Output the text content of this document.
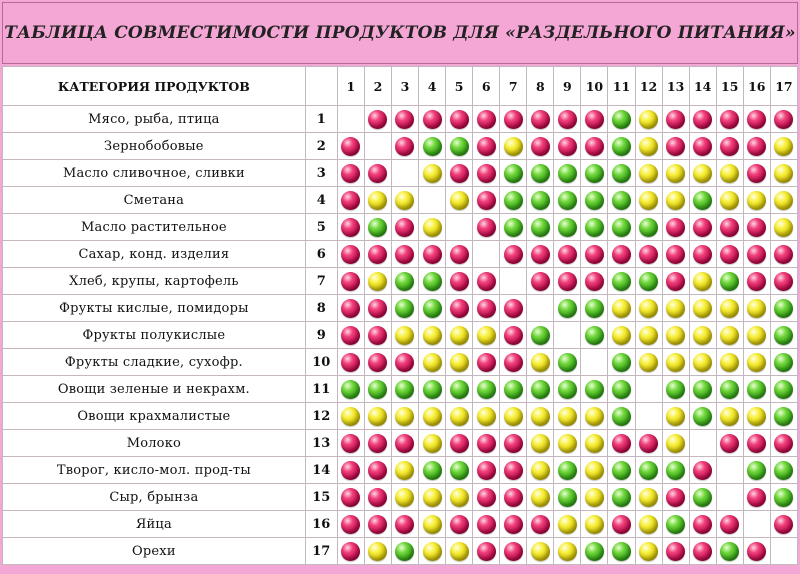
ТАБЛИЦА СОВМЕСТИМОСТИ ПРОДУКТОВ ДЛЯ «РАЗДЕЛЬНОГО ПИТАНИЯ»
КАТЕГОРИЯ ПРОДУКТОВ		1	2	3	4	5	6	7	8	9	10	11	12	13	14	15	16	17
Мясо, рыба, птица	1																	
Зернобобовые	2																	
Масло сливочное, сливки	3																	
Сметана	4																	
Масло растительное	5																	
Сахар, конд. изделия	6																	
Хлеб, крупы, картофель	7																	
Фрукты кислые, помидоры	8																	
Фрукты полукислые	9																	
Фрукты сладкие, сухофр.	10																	
Овощи зеленые и некрахм.	11																	
Овощи крахмалистые	12																	
Молоко	13																	
Творог, кисло-мол. прод-ты	14																	
Сыр, брынза	15																	
Яйца	16																	
Орехи	17																	
